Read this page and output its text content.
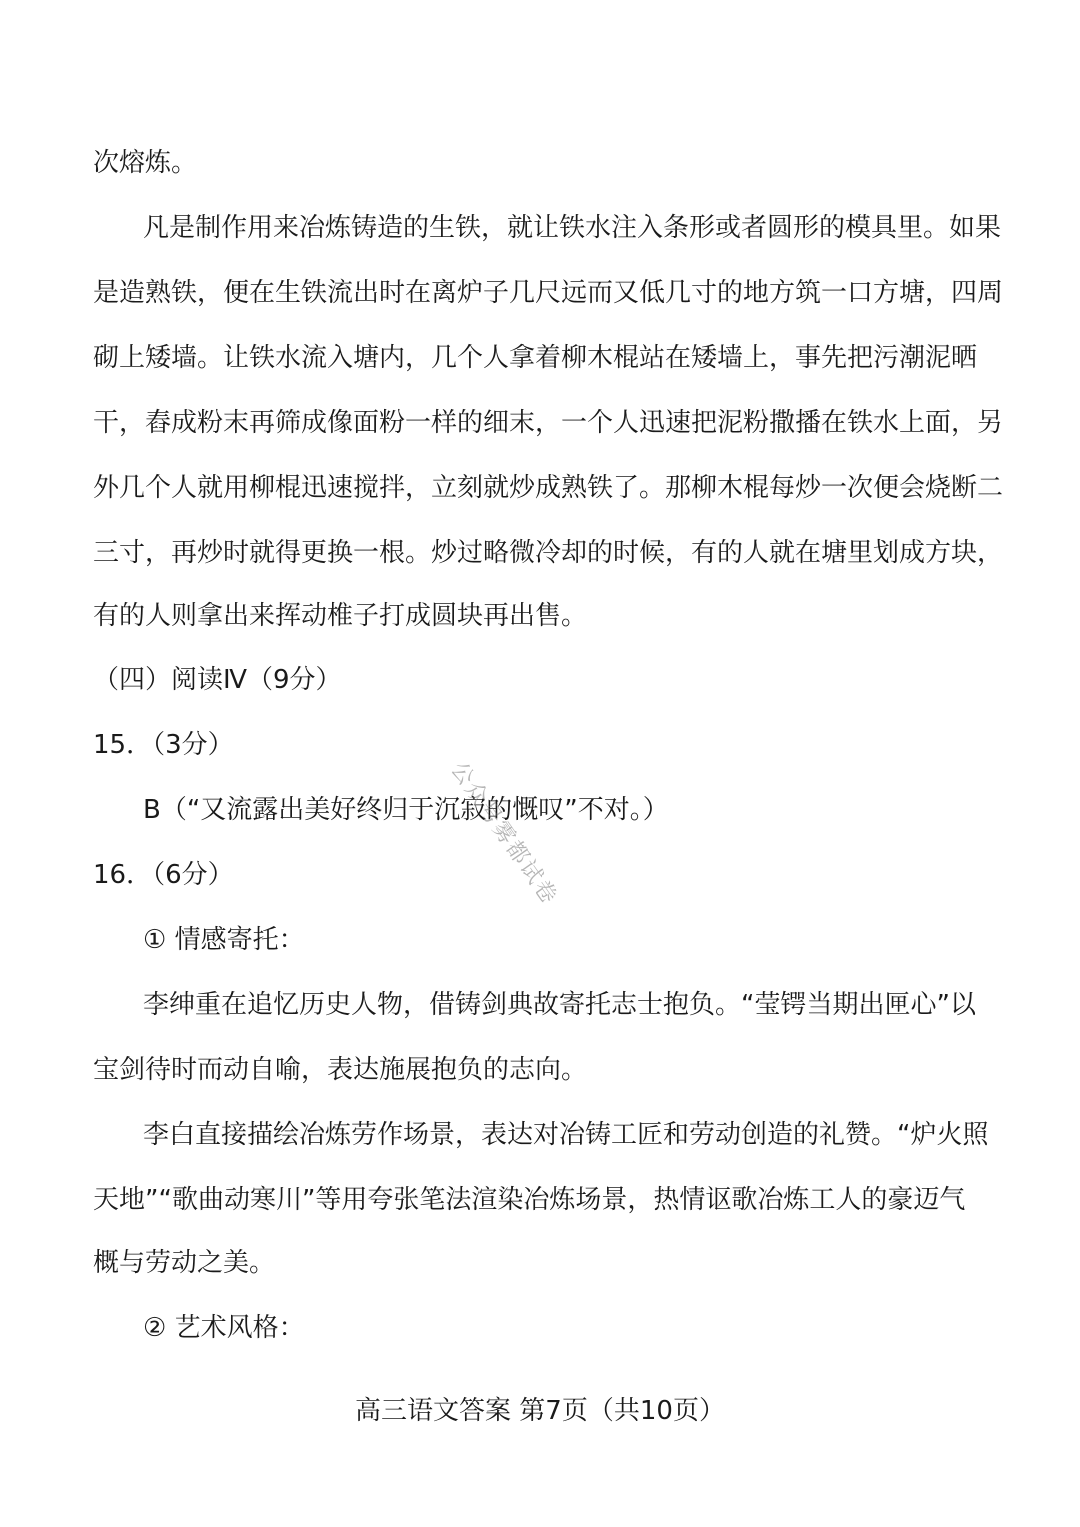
次熔炼。
凡是制作用来冶炼铸造的生铁，就让铁水注入条形或者圆形的模具里。如果
是造熟铁，便在生铁流出时在离炉子几尺远而又低几寸的地方筑一口方塘，四周
砌上矮墙。让铁水流入塘内，几个人拿着柳木棍站在矮墙上，事先把污潮泥晒
干，舂成粉末再筛成像面粉一样的细末，一个人迅速把泥粉撒播在铁水上面，另
外几个人就用柳棍迅速搅拌，立刻就炒成熟铁了。那柳木棍每炒一次便会烧断二
三寸，再炒时就得更换一根。炒过略微冷却的时候，有的人就在塘里划成方块，
有的人则拿出来挥动椎子打成圆块再出售。
（四）阅读Ⅳ（9分）
15．（3分）
B（“又流露出美好终归于沉寂的慨叹”不对。）
16．（6分）
① 情感寄托：
李绅重在追忆历史人物，借铸剑典故寄托志士抱负。“莹锷当期出匣心”以
宝剑待时而动自喻，表达施展抱负的志向。
李白直接描绘冶炼劳作场景，表达对冶铸工匠和劳动创造的礼赞。“炉火照
天地”“歌曲动寒川”等用夸张笔法渲染冶炼场景，热情讴歌冶炼工人的豪迈气
概与劳动之美。
② 艺术风格：
公众号雾都试卷
高三语文答案 第7页（共10页）
